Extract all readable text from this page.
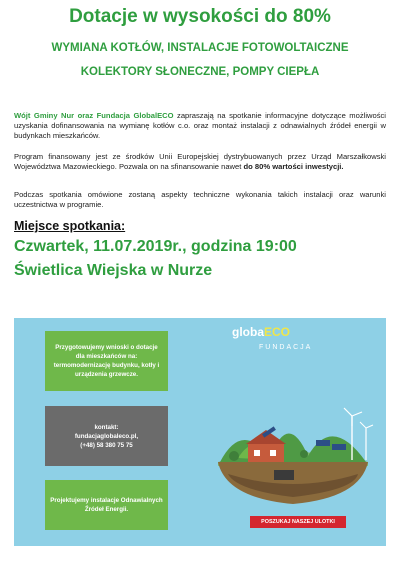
Dotacje w wysokości do 80%
WYMIANA KOTŁÓW, INSTALACJE FOTOWOLTAICZNE
KOLEKTORY SŁONECZNE, POMPY CIEPŁA
Wójt Gminy Nur oraz Fundacja GlobalECO zapraszają na spotkanie informacyjne dotyczące możliwości uzyskania dofinansowania na wymianę kotłów c.o. oraz montaż instalacji z odnawialnych źródeł energii w budynkach mieszkańców.
Program finansowany jest ze środków Unii Europejskiej dystrybuowanych przez Urząd Marszałkowski Województwa Mazowieckiego. Pozwala on na sfinansowanie nawet do 80% wartości inwestycji.
Podczas spotkania omówione zostaną aspekty techniczne wykonania takich instalacji oraz warunki uczestnictwa w programie.
Miejsce spotkania:
Czwartek, 11.07.2019r., godzina 19:00
Świetlica Wiejska w Nurze
Przygotowujemy wnioski o dotacje dla mieszkańców na: termomodernizację budynku, kotły i urządzenia grzewcze.
kontakt:
fundacjaglobaleco.pl,
(+48) 58 380 75 75
Projektujemy instalacje Odnawialnych Źródeł Energii.
globaECO
FUNDACJA
POSZUKAJ NASZEJ ULOTKI
